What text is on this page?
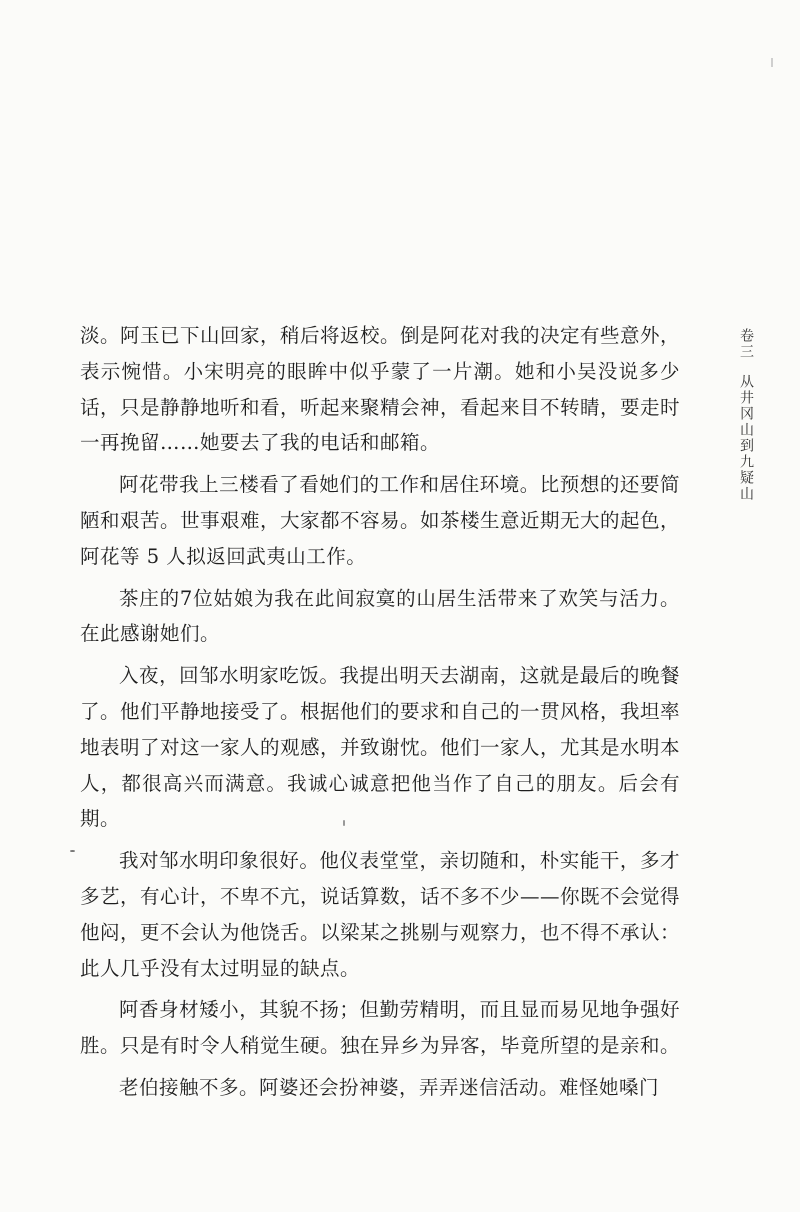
淡。阿玉已下山回家，稍后将返校。倒是阿花对我的决定有些意外，表示惋惜。小宋明亮的眼眸中似乎蒙了一片潮。她和小吴没说多少话，只是静静地听和看，听起来聚精会神，看起来目不转睛，要走时一再挽留……她要去了我的电话和邮箱。

阿花带我上三楼看了看她们的工作和居住环境。比预想的还要简陋和艰苦。世事艰难，大家都不容易。如茶楼生意近期无大的起色，阿花等 5 人拟返回武夷山工作。

茶庄的7位姑娘为我在此间寂寞的山居生活带来了欢笑与活力。在此感谢她们。

入夜，回邹水明家吃饭。我提出明天去湖南，这就是最后的晚餐了。他们平静地接受了。根据他们的要求和自己的一贯风格，我坦率地表明了对这一家人的观感，并致谢忱。他们一家人，尤其是水明本人，都很高兴而满意。我诚心诚意把他当作了自己的朋友。后会有期。

我对邹水明印象很好。他仪表堂堂，亲切随和，朴实能干，多才多艺，有心计，不卑不亢，说话算数，话不多不少——你既不会觉得他闷，更不会认为他饶舌。以梁某之挑剔与观察力，也不得不承认：此人几乎没有太过明显的缺点。

阿香身材矮小，其貌不扬；但勤劳精明，而且显而易见地争强好胜。只是有时令人稍觉生硬。独在异乡为异客，毕竟所望的是亲和。

老伯接触不多。阿婆还会扮神婆，弄弄迷信活动。难怪她嗓门

卷三从井冈山到九疑山
